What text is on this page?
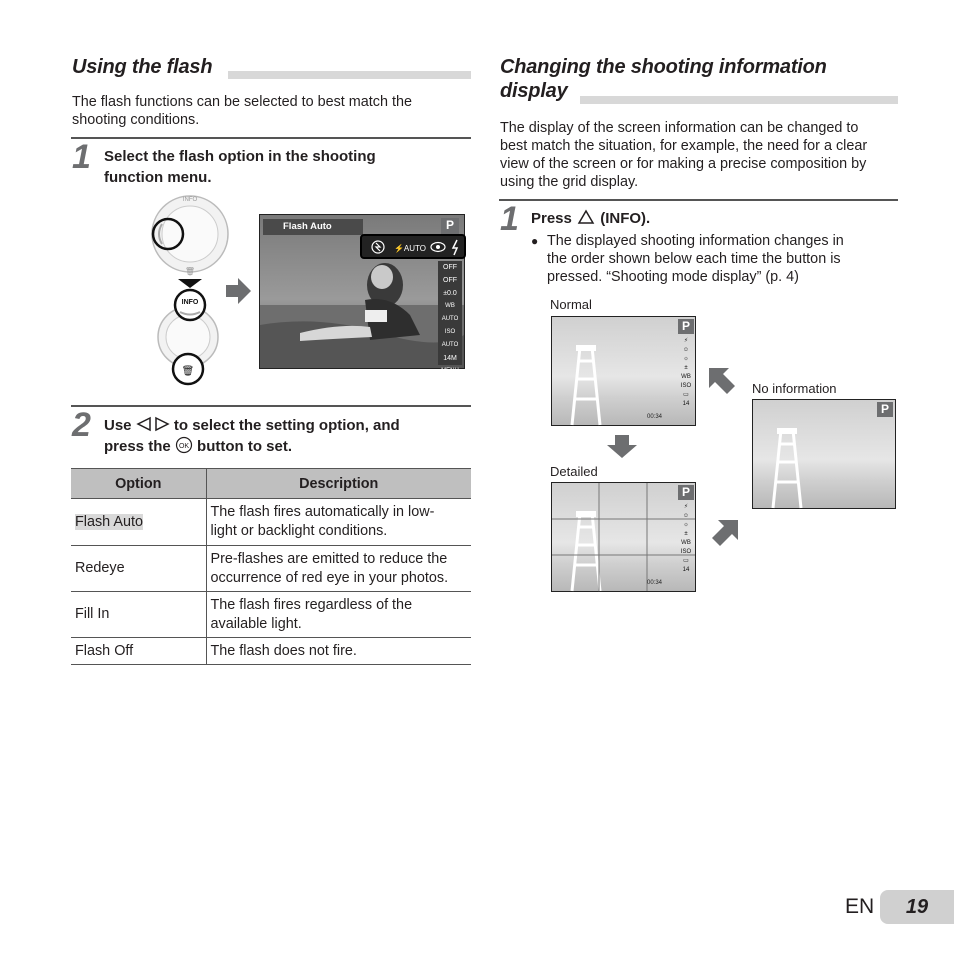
Using the flash
The flash functions can be selected to best match the
shooting conditions.
1 Select the flash option in the shooting
function menu.
INFO
🗑
INFO
🗑
Flash Auto	P
⚡AUTO
OFF
OFF
±0.0
WB AUTO
ISO AUTO
14M
MENU
2 Use	to select the setting option, and
press the OK button to set.
Option	Description
Flash Auto	The flash fires automatically in low-
light or backlight conditions.

Redeye	Pre-flashes are emitted to reduce the
occurrence of red eye in your photos.

Fill In	The flash fires regardless of the
available light.

Flash Off	The flash does not fire.
Changing the shooting information
display
The display of the screen information can be changed to
best match the situation, for example, the need for a clear
view of the screen or for making a precise composition by
using the grid display.
1 Press (INFO).
● The displayed shooting information changes in
the order shown below each time the button is
pressed. “Shooting mode display” (p. 4)
Normal
P
⚡
☺
☼
±
WB
ISO
▭
14
00:34
No information
P
Detailed
P
⚡
☺
☼
±
WB
ISO
▭
14
00:34
EN	19
